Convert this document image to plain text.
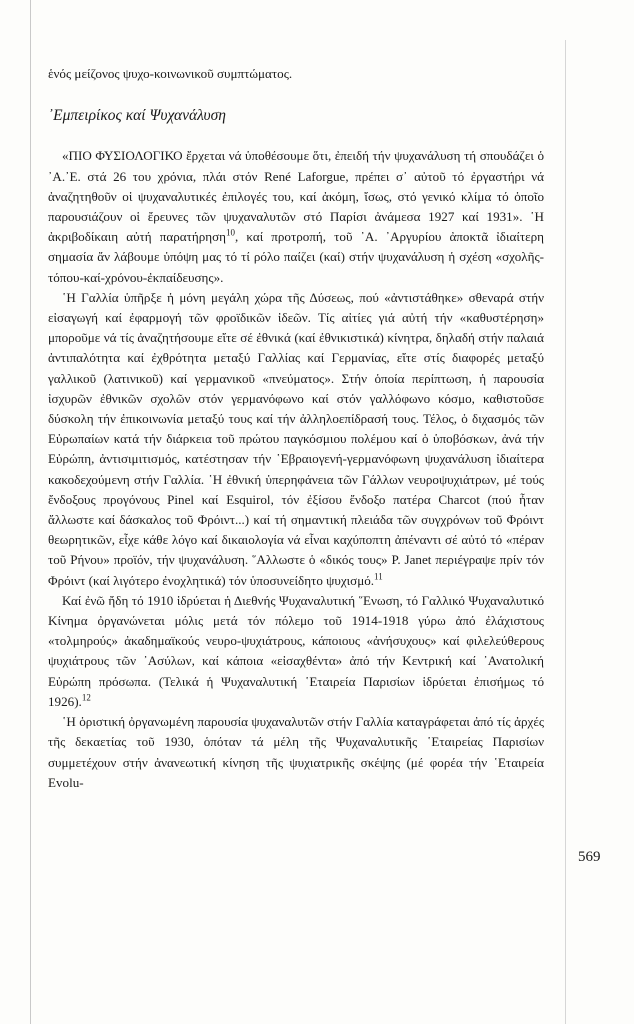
ἑνός μείζονος ψυχο-κοινωνικοῦ συμπτώματος.

᾿Εμπειρίκος καί Ψυχανάλυση

«ΠΙΟ ΦΥΣΙΟΛΟΓΙΚΟ ἔρχεται νά ὑποθέσουμε ὅτι, ἐπειδή τήν ψυχανάλυση τή σπουδάζει ὁ ᾿Α.᾿Ε. στά 26 του χρόνια, πλάι στόν René Laforgue, πρέπει σ᾿ αὐτοῦ τό ἐργαστήρι νά ἀναζητηθοῦν οἱ ψυχαναλυτικές ἐπιλογές του, καί ἀκόμη, ἴσως, στό γενικό κλίμα τό ὁποῖο παρουσιάζουν οἱ ἔρευνες τῶν ψυχαναλυτῶν στό Παρίσι ἀνάμεσα 1927 καί 1931». ῾Η ἀκριβοδίκαιη αὐτή παρατήρηση$^{10}$, καί προτροπή, τοῦ ᾿Α. ᾿Αργυρίου ἀποκτᾶ ἰδιαίτερη σημασία ἄν λάβουμε ὑπόψη μας τό τί ρόλο παίζει (καί) στήν ψυχανάλυση ἡ σχέση «σχολῆς-τόπου-καί-χρόνου-ἐκπαίδευσης».

῾Η Γαλλία ὑπῆρξε ἡ μόνη μεγάλη χώρα τῆς Δύσεως, πού «ἀντιστάθηκε» σθεναρά στήν εἰσαγωγή καί ἐφαρμογή τῶν φροϊδικῶν ἰδεῶν. Τίς αἰτίες γιά αὐτή τήν «καθυστέρηση» μποροῦμε νά τίς ἀναζητήσουμε εἴτε σέ ἐθνικά (καί ἐθνικιστικά) κίνητρα, δηλαδή στήν παλαιά ἀντιπαλότητα καί ἐχθρότητα μεταξύ Γαλλίας καί Γερμανίας, εἴτε στίς διαφορές μεταξύ γαλλικοῦ (λατινικοῦ) καί γερμανικοῦ «πνεύματος». Στήν ὁποία περίπτωση, ἡ παρουσία ἰσχυρῶν ἐθνικῶν σχολῶν στόν γερμανόφωνο καί στόν γαλλόφωνο κόσμο, καθιστοῦσε δύσκολη τήν ἐπικοινωνία μεταξύ τους καί τήν ἀλληλοεπίδρασή τους. Τέλος, ὁ διχασμός τῶν Εὐρωπαίων κατά τήν διάρκεια τοῦ πρώτου παγκόσμιου πολέμου καί ὁ ὑποβόσκων, ἀνά τήν Εὐρώπη, ἀντισιμιτισμός, κατέστησαν τήν ῾Εβραιογενή-γερμανόφωνη ψυχανάλυση ἰδιαίτερα κακοδεχούμενη στήν Γαλλία. ῾Η ἐθνική ὑπερηφάνεια τῶν Γάλλων νευροψυχιάτρων, μέ τούς ἔνδοξους προγόνους Pinel καί Esquirol, τόν ἐξίσου ἔνδοξο πατέρα Charcot (πού ἦταν ἄλλωστε καί δάσκαλος τοῦ Φρόιντ...) καί τή σημαντική πλειάδα τῶν συγχρόνων τοῦ Φρόιντ θεωρητικῶν, εἶχε κάθε λόγο καί δικαιολογία νά εἶναι καχύποπτη ἀπέναντι σέ αὐτό τό «πέραν τοῦ Ρήνου» προϊόν, τήν ψυχανάλυση. ῞Αλλωστε ὁ «δικός τους» P. Janet περιέγραψε πρίν τόν Φρόιντ (καί λιγότερο ἐνοχλητικά) τόν ὑποσυνείδητο ψυχισμό.$^{11}$

Καί ἐνῶ ἤδη τό 1910 ἱδρύεται ἡ Διεθνής Ψυχαναλυτική ῞Ενωση, τό Γαλλικό Ψυχαναλυτικό Κίνημα ὀργανώνεται μόλις μετά τόν πόλεμο τοῦ 1914-1918 γύρω ἀπό ἐλάχιστους «τολμηρούς» ἀκαδημαϊκούς νευρο-ψυχιάτρους, κάποιους «ἀνήσυχους» καί φιλελεύθερους ψυχιάτρους τῶν ᾿Ασύλων, καί κάποια «εἰσαχθέντα» ἀπό τήν Κεντρική καί ᾿Ανατολική Εὐρώπη πρόσωπα. (Τελικά ἡ Ψυχαναλυτική ῾Εταιρεία Παρισίων ἱδρύεται ἐπισήμως τό 1926).$^{12}$

῾Η ὁριστική ὀργανωμένη παρουσία ψυχαναλυτῶν στήν Γαλλία καταγράφεται ἀπό τίς ἀρχές τῆς δεκαετίας τοῦ 1930, ὁπόταν τά μέλη τῆς Ψυχαναλυτικῆς ῾Εταιρείας Παρισίων συμμετέχουν στήν ἀνανεωτική κίνηση τῆς ψυχιατρικῆς σκέψης (μέ φορέα τήν ῾Εταιρεία Evolu-

569
